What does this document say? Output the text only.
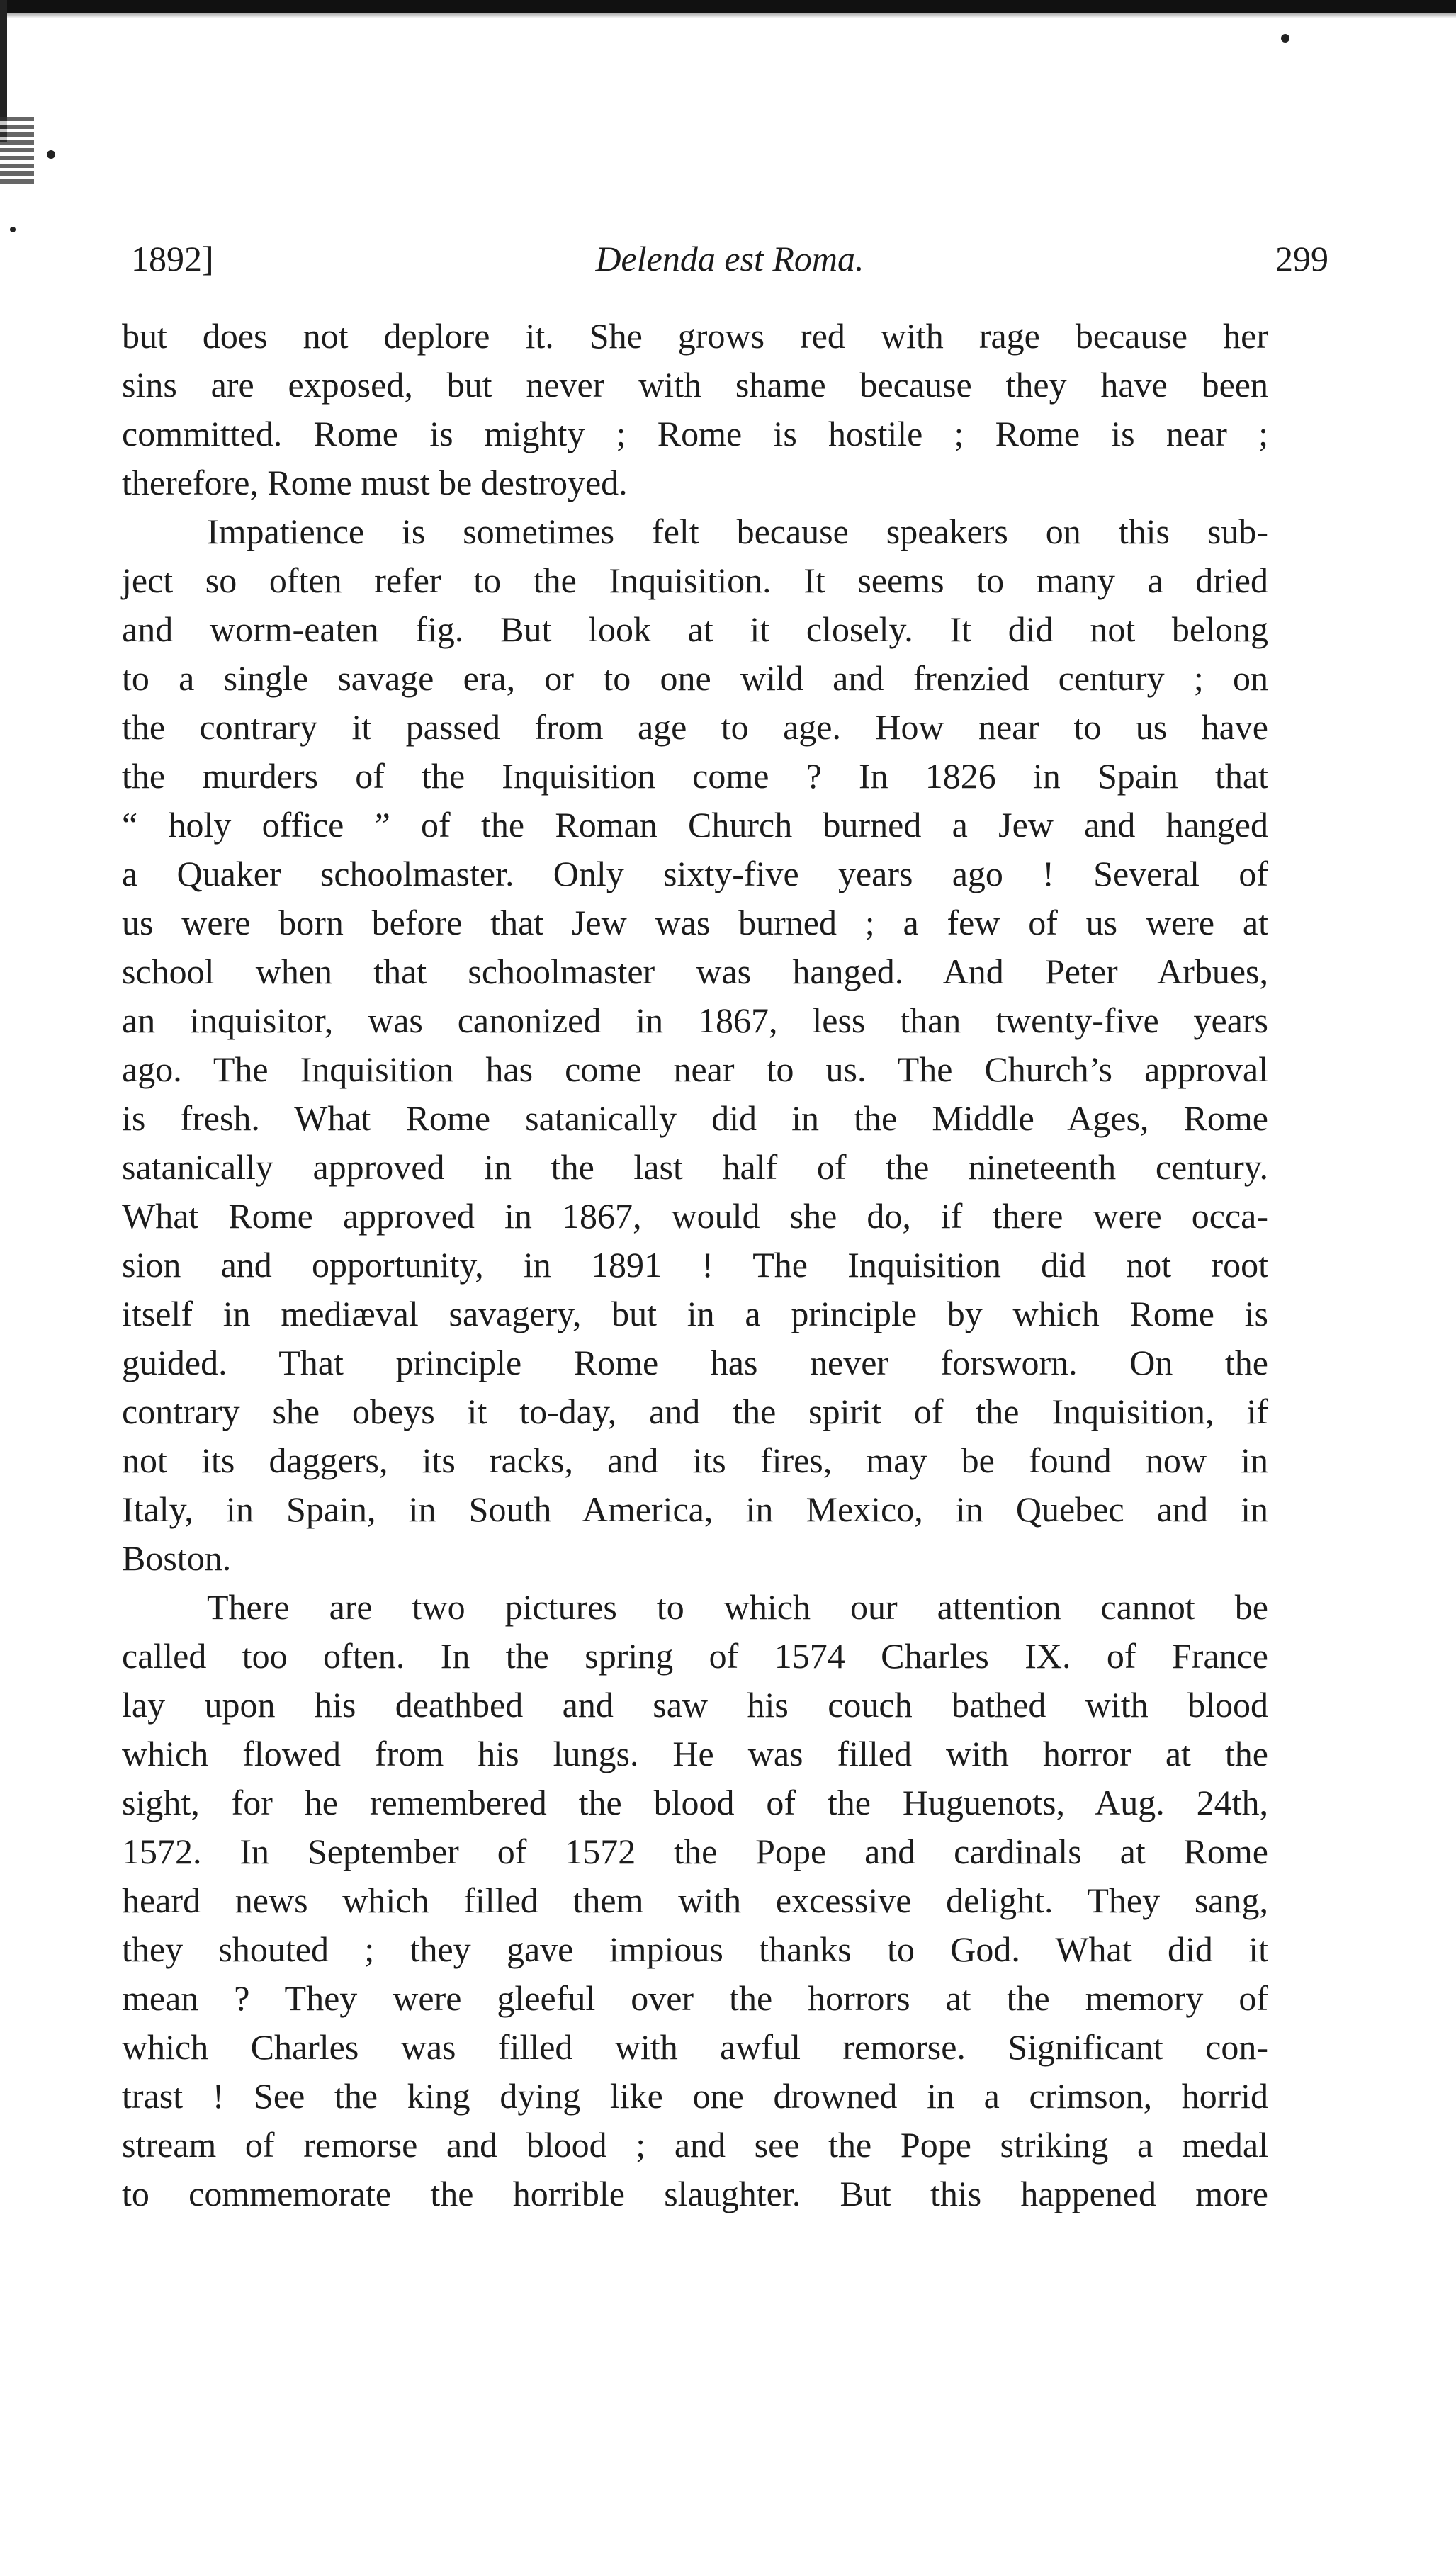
Delenda est Roma.
1892]	299
but does not deplore it. She grows red with rage because her
sins are exposed, but never with shame because they have been
committed. Rome is mighty ; Rome is hostile ; Rome is near ;
therefore, Rome must be destroyed.
Impatience is sometimes felt because speakers on this sub-
ject so often refer to the Inquisition. It seems to many a dried
and worm-eaten fig. But look at it closely. It did not belong
to a single savage era, or to one wild and frenzied century ; on
the contrary it passed from age to age. How near to us have
the murders of the Inquisition come ? In 1826 in Spain that
“ holy office ” of the Roman Church burned a Jew and hanged
a Quaker schoolmaster. Only sixty-five years ago ! Several of
us were born before that Jew was burned ; a few of us were at
school when that schoolmaster was hanged. And Peter Arbues,
an inquisitor, was canonized in 1867, less than twenty-five years
ago. The Inquisition has come near to us. The Church’s approval
is fresh. What Rome satanically did in the Middle Ages, Rome
satanically approved in the last half of the nineteenth century.
What Rome approved in 1867, would she do, if there were occa-
sion and opportunity, in 1891 ! The Inquisition did not root
itself in mediæval savagery, but in a principle by which Rome is
guided. That principle Rome has never forsworn. On the
contrary she obeys it to-day, and the spirit of the Inquisition, if
not its daggers, its racks, and its fires, may be found now in
Italy, in Spain, in South America, in Mexico, in Quebec and in
Boston.
There are two pictures to which our attention cannot be
called too often. In the spring of 1574 Charles IX. of France
lay upon his deathbed and saw his couch bathed with blood
which flowed from his lungs. He was filled with horror at the
sight, for he remembered the blood of the Huguenots, Aug. 24th,
1572. In September of 1572 the Pope and cardinals at Rome
heard news which filled them with excessive delight. They sang,
they shouted ; they gave impious thanks to God. What did it
mean ? They were gleeful over the horrors at the memory of
which Charles was filled with awful remorse. Significant con-
trast ! See the king dying like one drowned in a crimson, horrid
stream of remorse and blood ; and see the Pope striking a medal
to commemorate the horrible slaughter. But this happened more
